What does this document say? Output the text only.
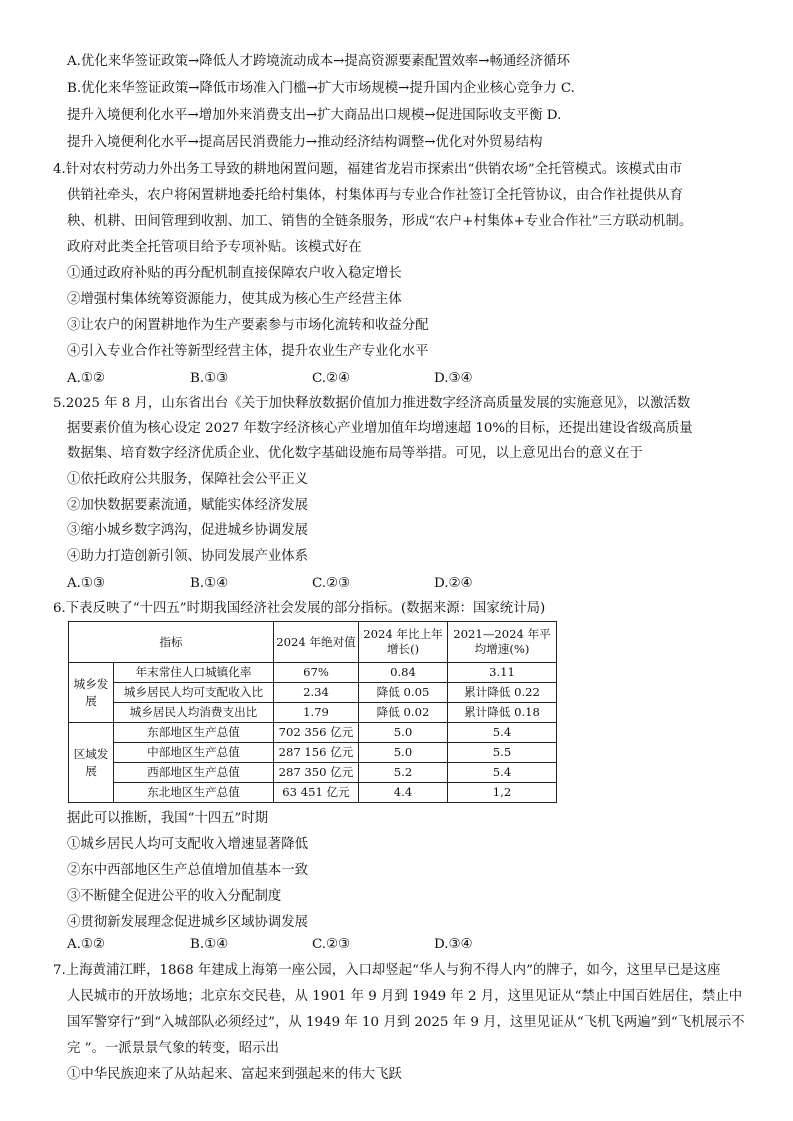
A.优化来华签证政策→降低人才跨境流动成本→提高资源要素配置效率→畅通经济循环
B.优化来华签证政策→降低市场准入门槛→扩大市场规模→提升国内企业核心竞争力 C.
提升入境便利化水平→增加外来消费支出→扩大商品出口规模→促进国际收支平衡 D.
提升入境便利化水平→提高居民消费能力→推动经济结构调整→优化对外贸易结构
4.针对农村劳动力外出务工导致的耕地闲置问题，福建省龙岩市探索出“供销农场”全托管模式。该模式由市
供销社牵头，农户将闲置耕地委托给村集体，村集体再与专业合作社签订全托管协议，由合作社提供从育
秧、机耕、田间管理到收割、加工、销售的全链条服务，形成“农户+村集体+专业合作社”三方联动机制。
政府对此类全托管项目给予专项补贴。该模式好在
①通过政府补贴的再分配机制直接保障农户收入稳定增长
②增强村集体统筹资源能力，使其成为核心生产经营主体
③让农户的闲置耕地作为生产要素参与市场化流转和收益分配
④引入专业合作社等新型经营主体，提升农业生产专业化水平
A.①②	B.①③	C.②④	D.③④
5.2025 年 8 月，山东省出台《关于加快释放数据价值加力推进数字经济高质量发展的实施意见》，以激活数
据要素价值为核心设定 2027 年数字经济核心产业增加值年均增速超 10%的目标，还提出建设省级高质量
数据集、培育数字经济优质企业、优化数字基础设施布局等举措。可见，以上意见出台的意义在于
①依托政府公共服务，保障社会公平正义
②加快数据要素流通，赋能实体经济发展
③缩小城乡数字鸿沟，促进城乡协调发展
④助力打造创新引领、协同发展产业体系
A.①③	B.①④	C.②③	D.②④
6.下表反映了“十四五”时期我国经济社会发展的部分指标。(数据来源：国家统计局)
指标		2024 年绝对值	2024 年比上年增长()	2021—2024 年平均增速(%)
城乡发展	年末常住人口城镇化率	67%	0.84	3.11
	城乡居民人均可支配收入比	2.34	降低 0.05	累计降低 0.22
	城乡居民人均消费支出比	1.79	降低 0.02	累计降低 0.18
区域发展	东部地区生产总值	702 356 亿元	5.0	5.4
	中部地区生产总值	287 156 亿元	5.0	5.5
	西部地区生产总值	287 350 亿元	5.2	5.4
	东北地区生产总值	63 451 亿元	4.4	1,2
据此可以推断，我国“十四五”时期
①城乡居民人均可支配收入增速显著降低
②东中西部地区生产总值增加值基本一致
③不断健全促进公平的收入分配制度
④贯彻新发展理念促进城乡区域协调发展
A.①②	B.①④	C.②③	D.③④
7.上海黄浦江畔，1868 年建成上海第一座公园，入口却竖起“华人与狗不得人内”的牌子，如今，这里早已是这座
人民城市的开放场地；北京东交民巷，从 1901 年 9 月到 1949 年 2 月，这里见证从“禁止中国百姓居住，禁止中
国军警穿行”到“入城部队必须经过”，从 1949 年 10 月到 2025 年 9 月，这里见证从“飞机飞两遍”到“飞机展示不
完 ”。一派景景气象的转变，昭示出
①中华民族迎来了从站起来、富起来到强起来的伟大飞跃
